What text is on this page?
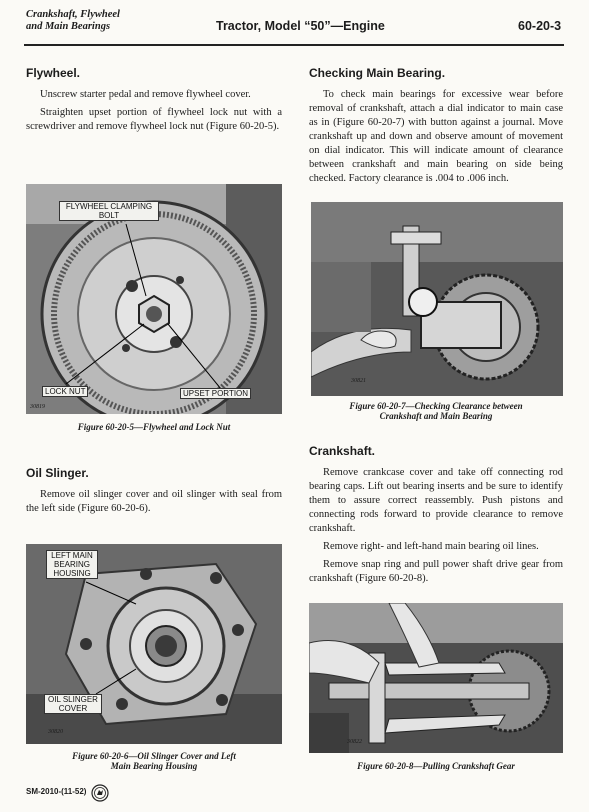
Crankshaft, Flywheel
and Main Bearings	Tractor, Model “50”—Engine	60-20-3
Flywheel.

Unscrew starter pedal and remove flywheel cover.

Straighten upset portion of flywheel lock nut with a screwdriver and remove flywheel lock nut (Figure 60-20-5).

FLYWHEEL CLAMPING BOLT
LOCK NUT	UPSET PORTION
30819
Figure 60-20-5—Flywheel and Lock Nut
Oil Slinger.

Remove oil slinger cover and oil slinger with seal from the left side (Figure 60-20-6).

LEFT MAIN BEARING HOUSING
OIL SLINGER COVER
30820
Figure 60-20-6—Oil Slinger Cover and Left
Main Bearing Housing
Checking Main Bearing.

To check main bearings for excessive wear before removal of crankshaft, attach a dial indicator to main case as in (Figure 60-20-7) with button against a journal. Move crankshaft up and down and observe amount of movement on dial indicator. This will indicate amount of clearance between crankshaft and main bearing on side being checked. Factory clearance is .004 to .006 inch.

30821
Figure 60-20-7—Checking Clearance between
Crankshaft and Main Bearing
Crankshaft.

Remove crankcase cover and take off connecting rod bearing caps. Lift out bearing inserts and be sure to identify them to assure correct reassembly. Push pistons and connecting rods forward to provide clearance to remove crankshaft.

Remove right- and left-hand main bearing oil lines.

Remove snap ring and pull power shaft drive gear from crankshaft (Figure 60-20-8).

30822
Figure 60-20-8—Pulling Crankshaft Gear
SM-2010-(11-52)
